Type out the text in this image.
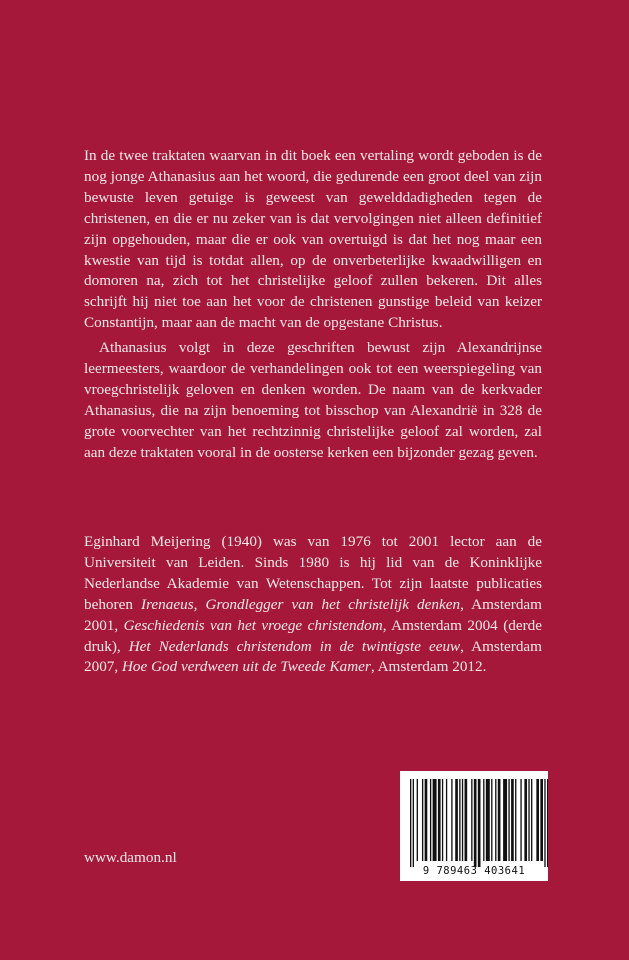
In de twee traktaten waarvan in dit boek een vertaling wordt geboden is de nog jonge Athanasius aan het woord, die gedurende een groot deel van zijn bewuste leven getuige is geweest van gewelddadigheden tegen de christenen, en die er nu zeker van is dat vervolgingen niet alleen definitief zijn opgehouden, maar die er ook van overtuigd is dat het nog maar een kwestie van tijd is totdat allen, op de onverbeterlijke kwaadwilligen en domoren na, zich tot het christelijke geloof zullen bekeren. Dit alles schrijft hij niet toe aan het voor de christenen gunstige beleid van keizer Constantijn, maar aan de macht van de opgestane Christus.

Athanasius volgt in deze geschriften bewust zijn Alexandrijnse leermeesters, waardoor de verhandelingen ook tot een weerspiegeling van vroegchristelijk geloven en denken worden. De naam van de kerkvader Athanasius, die na zijn benoeming tot bisschop van Alexandrië in 328 de grote voorvechter van het rechtzinnig christelijke geloof zal worden, zal aan deze traktaten vooral in de oosterse kerken een bijzonder gezag geven.

Eginhard Meijering (1940) was van 1976 tot 2001 lector aan de Universiteit van Leiden. Sinds 1980 is hij lid van de Koninklijke Nederlandse Akademie van Wetenschappen. Tot zijn laatste publicaties behoren Irenaeus, Grondlegger van het christelijk denken, Amsterdam 2001, Geschiedenis van het vroege christendom, Amsterdam 2004 (derde druk), Het Nederlands christendom in de twintigste eeuw, Amsterdam 2007, Hoe God verdween uit de Tweede Kamer, Amsterdam 2012.

www.damon.nl
9 789463 403641
